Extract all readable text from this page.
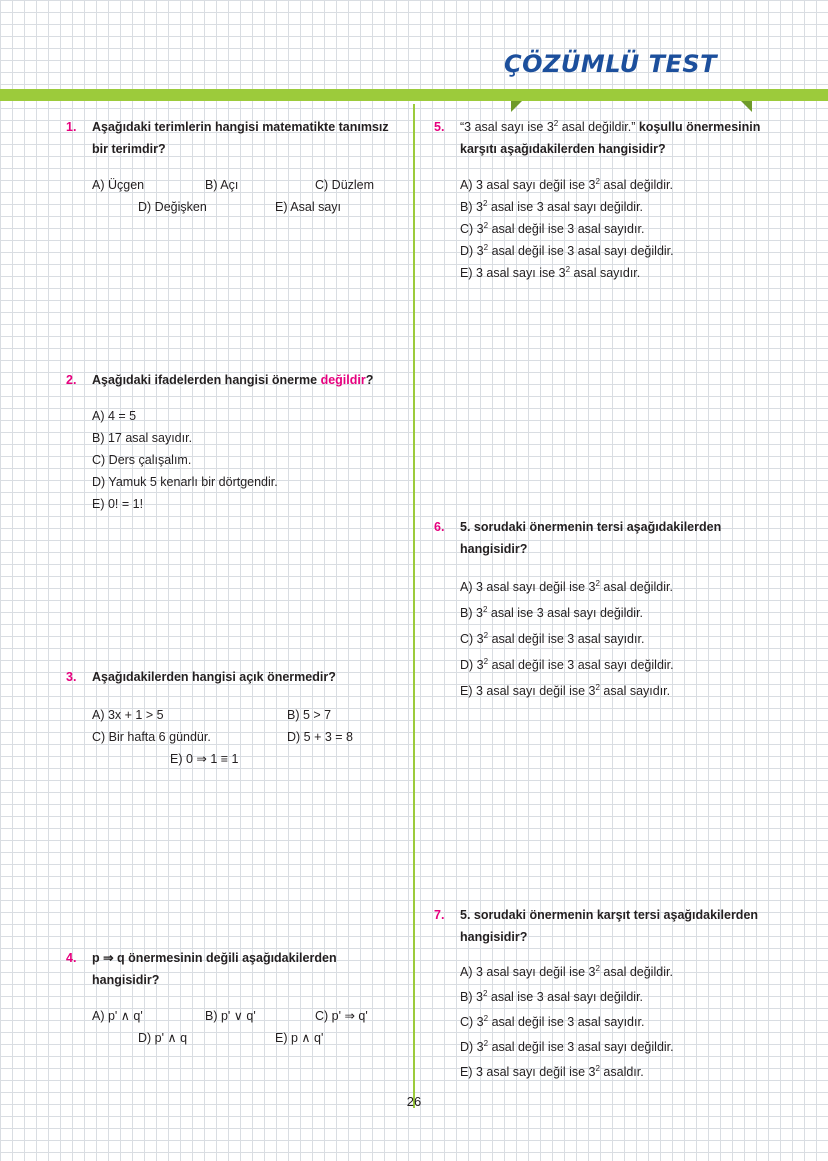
ÇÖZÜMLÜ TEST
1.	Aşağıdaki terimlerin hangisi matematikte tanımsız bir terimdir?
A) Üçgen	B) Açı	C) Düzlem
D) Değişken	E) Asal sayı
2.	Aşağıdaki ifadelerden hangisi önerme değildir?
A) 4 = 5
B) 17 asal sayıdır.
C) Ders çalışalım.
D) Yamuk 5 kenarlı bir dörtgendir.
E) 0! = 1!
3.	Aşağıdakilerden hangisi açık önermedir?
A) 3x + 1 > 5	B) 5 > 7
C) Bir hafta 6 gündür.	D) 5 + 3 = 8
E) 0 ⇒ 1 ≡ 1
4.	p ⇒ q önermesinin değili aşağıdakilerden hangisidir?
A) p' ∧ q'	B) p' ∨ q'	C) p' ⇒ q'
D) p' ∧ q	E) p ∧ q'
5.	“3 asal sayı ise $3^2$ asal değildir.” koşullu önermesinin karşıtı aşağıdakilerden hangisidir?
A) 3 asal sayı değil ise $3^2$ asal değildir.
B) $3^2$ asal ise 3 asal sayı değildir.
C) $3^2$ asal değil ise 3 asal sayıdır.
D) $3^2$ asal değil ise 3 asal sayı değildir.
E) 3 asal sayı ise $3^2$ asal sayıdır.
6.	5. sorudaki önermenin tersi aşağıdakilerden hangisidir?
A) 3 asal sayı değil ise $3^2$ asal değildir.
B) $3^2$ asal ise 3 asal sayı değildir.
C) $3^2$ asal değil ise 3 asal sayıdır.
D) $3^2$ asal değil ise 3 asal sayı değildir.
E) 3 asal sayı değil ise $3^2$ asal sayıdır.
7.	5. sorudaki önermenin karşıt tersi aşağıdakilerden hangisidir?
A) 3 asal sayı değil ise $3^2$ asal değildir.
B) $3^2$ asal ise 3 asal sayı değildir.
C) $3^2$ asal değil ise 3 asal sayıdır.
D) $3^2$ asal değil ise 3 asal sayı değildir.
E) 3 asal sayı değil ise $3^2$ asaldır.
26
